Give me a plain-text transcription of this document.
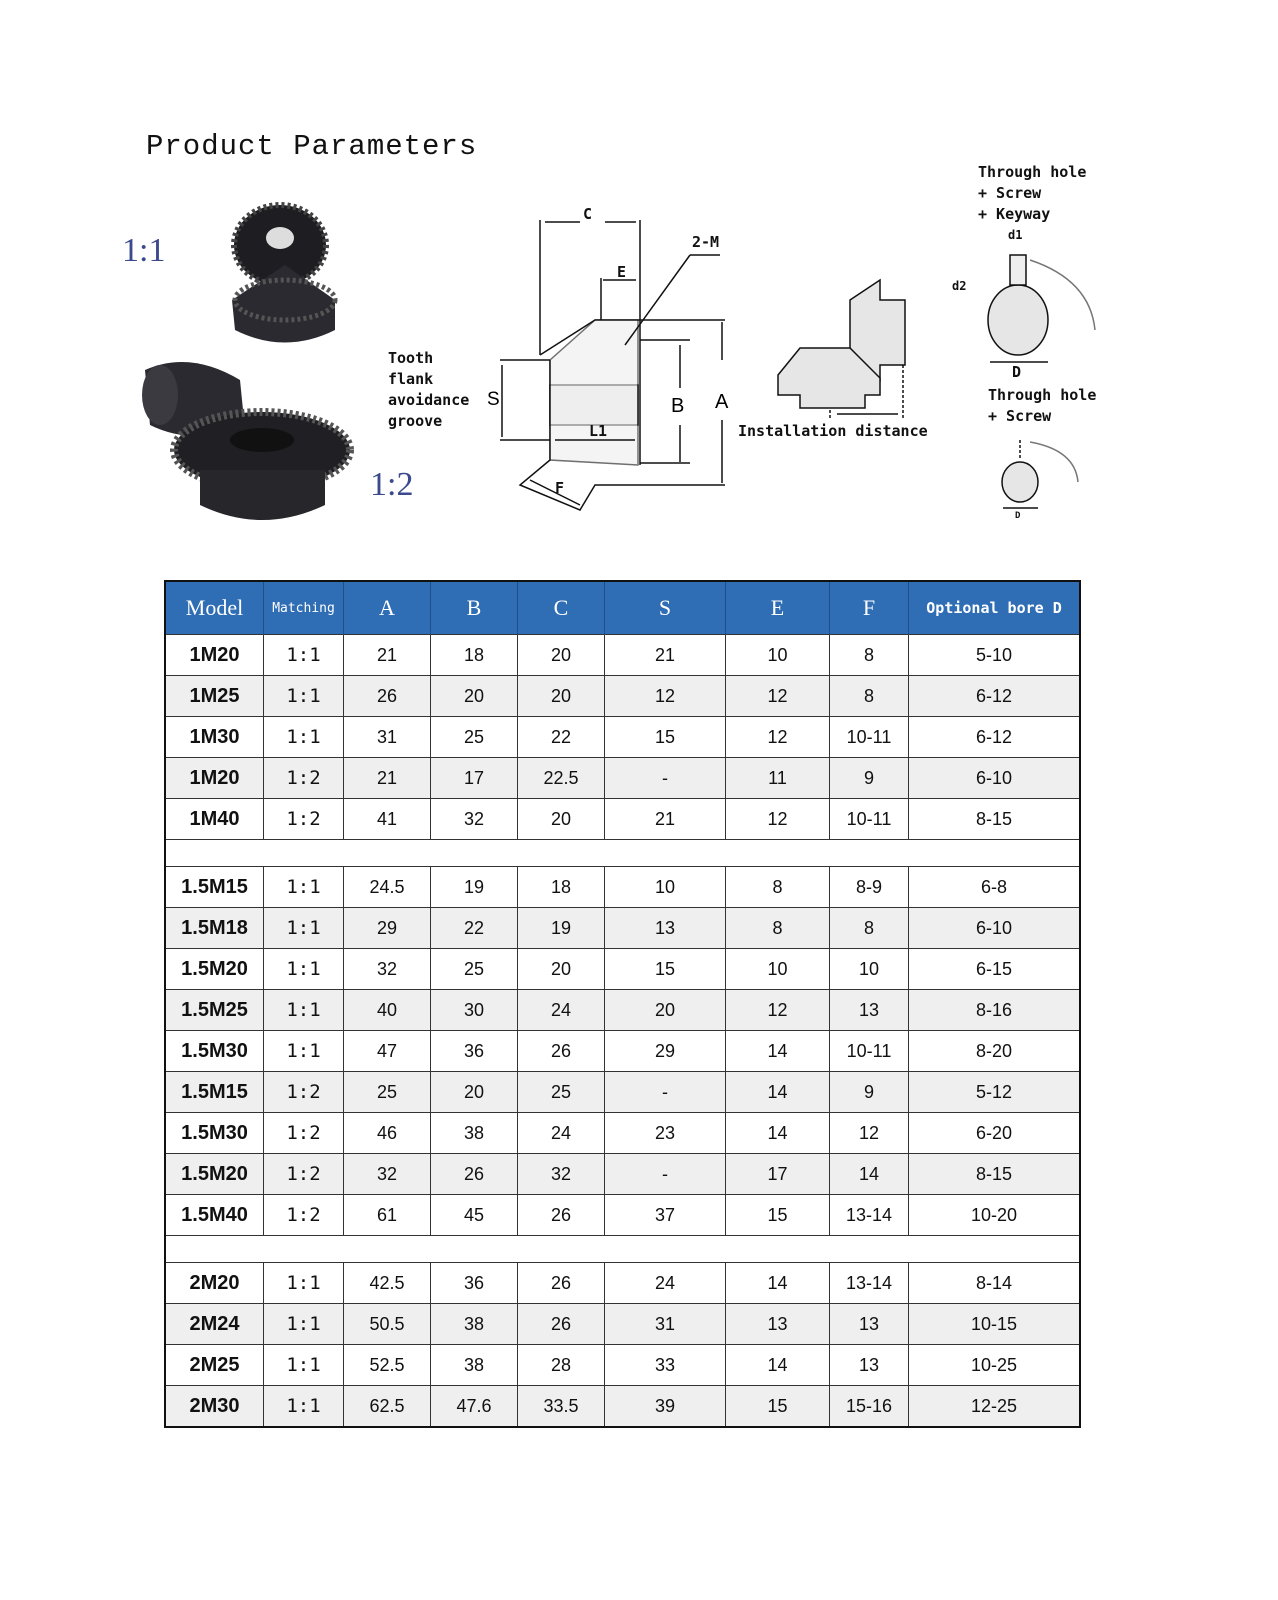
Product Parameters
1:1
1:2
C
E
2-M
S	B A
L1
F
Tooth
flank
avoidance
groove
Installation distance
Through hole
+ Screw
+ Keyway
d1
d2
D
Through hole
+ Screw
D
Model	Matching	A	B	C	S	E	F	Optional bore D
1M20	1:1	21	18	20	21	10	8	5-10
1M25	1:1	26	20	20	12	12	8	6-12
1M30	1:1	31	25	22	15	12	10-11	6-12
1M20	1:2	21	17	22.5	-	11	9	6-10
1M40	1:2	41	32	20	21	12	10-11	8-15

1.5M15	1:1	24.5	19	18	10	8	8-9	6-8
1.5M18	1:1	29	22	19	13	8	8	6-10
1.5M20	1:1	32	25	20	15	10	10	6-15
1.5M25	1:1	40	30	24	20	12	13	8-16
1.5M30	1:1	47	36	26	29	14	10-11	8-20
1.5M15	1:2	25	20	25	-	14	9	5-12
1.5M30	1:2	46	38	24	23	14	12	6-20
1.5M20	1:2	32	26	32	-	17	14	8-15
1.5M40	1:2	61	45	26	37	15	13-14	10-20

2M20	1:1	42.5	36	26	24	14	13-14	8-14
2M24	1:1	50.5	38	26	31	13	13	10-15
2M25	1:1	52.5	38	28	33	14	13	10-25
2M30	1:1	62.5	47.6	33.5	39	15	15-16	12-25
